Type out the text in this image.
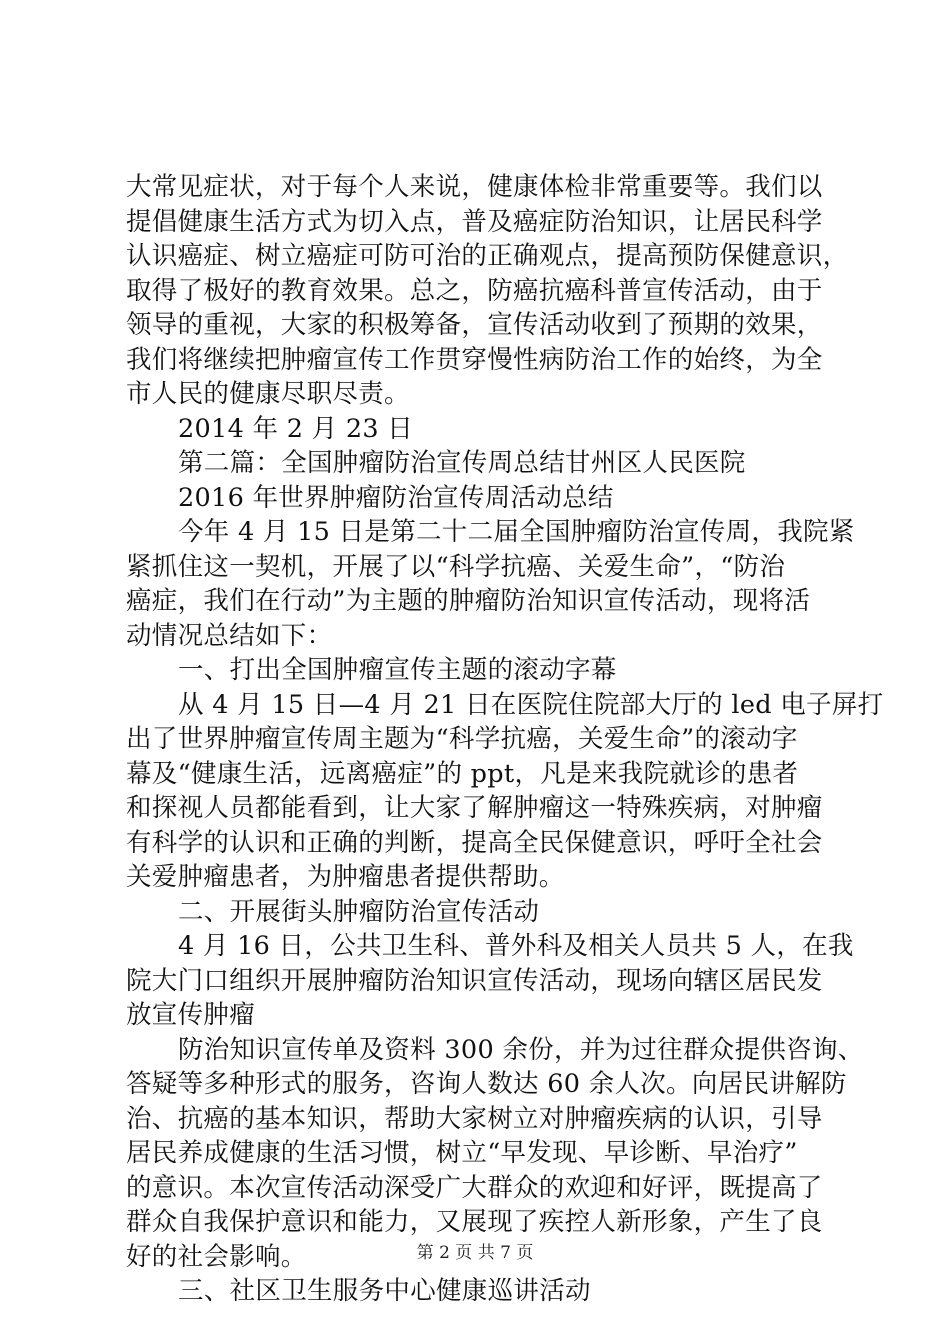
大常见症状，对于每个人来说，健康体检非常重要等。我们以
提倡健康生活方式为切入点，普及癌症防治知识，让居民科学
认识癌症、树立癌症可防可治的正确观点，提高预防保健意识，
取得了极好的教育效果。总之，防癌抗癌科普宣传活动，由于
领导的重视，大家的积极筹备，宣传活动收到了预期的效果，
我们将继续把肿瘤宣传工作贯穿慢性病防治工作的始终，为全
市人民的健康尽职尽责。
2014 年 2 月 23 日
第二篇：全国肿瘤防治宣传周总结甘州区人民医院
2016 年世界肿瘤防治宣传周活动总结
今年 4 月 15 日是第二十二届全国肿瘤防治宣传周，我院紧
紧抓住这一契机，开展了以“科学抗癌、关爱生命”，“防治
癌症，我们在行动”为主题的肿瘤防治知识宣传活动，现将活
动情况总结如下：
一、打出全国肿瘤宣传主题的滚动字幕
从 4 月 15 日—4 月 21 日在医院住院部大厅的 led 电子屏打
出了世界肿瘤宣传周主题为“科学抗癌，关爱生命”的滚动字
幕及“健康生活，远离癌症”的 ppt，凡是来我院就诊的患者
和探视人员都能看到，让大家了解肿瘤这一特殊疾病，对肿瘤
有科学的认识和正确的判断，提高全民保健意识，呼吁全社会
关爱肿瘤患者，为肿瘤患者提供帮助。
二、开展街头肿瘤防治宣传活动
4 月 16 日，公共卫生科、普外科及相关人员共 5 人，在我
院大门口组织开展肿瘤防治知识宣传活动，现场向辖区居民发
放宣传肿瘤
防治知识宣传单及资料 300 余份，并为过往群众提供咨询、
答疑等多种形式的服务，咨询人数达 60 余人次。向居民讲解防
治、抗癌的基本知识，帮助大家树立对肿瘤疾病的认识，引导
居民养成健康的生活习惯，树立“早发现、早诊断、早治疗”
的意识。本次宣传活动深受广大群众的欢迎和好评，既提高了
群众自我保护意识和能力，又展现了疾控人新形象，产生了良
好的社会影响。
三、社区卫生服务中心健康巡讲活动
第 2 页 共 7 页
